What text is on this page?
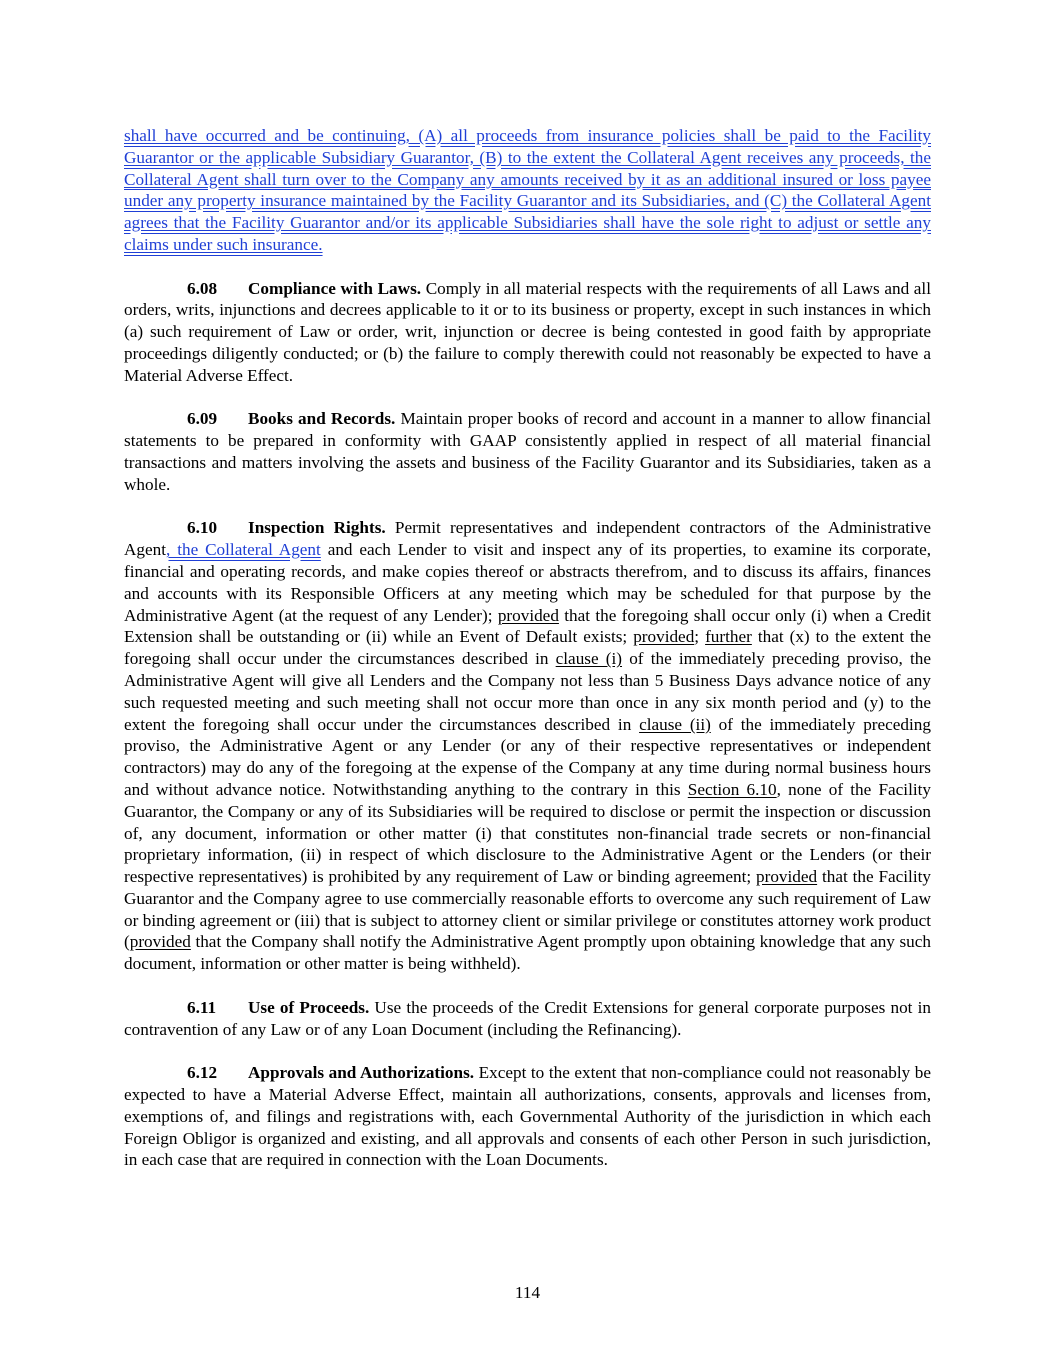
shall have occurred and be continuing, (A) all proceeds from insurance policies shall be paid to the Facility Guarantor or the applicable Subsidiary Guarantor, (B) to the extent the Collateral Agent receives any proceeds, the Collateral Agent shall turn over to the Company any amounts received by it as an additional insured or loss payee under any property insurance maintained by the Facility Guarantor and its Subsidiaries, and (C) the Collateral Agent agrees that the Facility Guarantor and/or its applicable Subsidiaries shall have the sole right to adjust or settle any claims under such insurance.

6.08 Compliance with Laws. Comply in all material respects with the requirements of all Laws and all orders, writs, injunctions and decrees applicable to it or to its business or property, except in such instances in which (a) such requirement of Law or order, writ, injunction or decree is being contested in good faith by appropriate proceedings diligently conducted; or (b) the failure to comply therewith could not reasonably be expected to have a Material Adverse Effect.

6.09 Books and Records. Maintain proper books of record and account in a manner to allow financial statements to be prepared in conformity with GAAP consistently applied in respect of all material financial transactions and matters involving the assets and business of the Facility Guarantor and its Subsidiaries, taken as a whole.

6.10 Inspection Rights. Permit representatives and independent contractors of the Administrative Agent, the Collateral Agent and each Lender to visit and inspect any of its properties, to examine its corporate, financial and operating records, and make copies thereof or abstracts therefrom, and to discuss its affairs, finances and accounts with its Responsible Officers at any meeting which may be scheduled for that purpose by the Administrative Agent (at the request of any Lender); provided that the foregoing shall occur only (i) when a Credit Extension shall be outstanding or (ii) while an Event of Default exists; provided; further that (x) to the extent the foregoing shall occur under the circumstances described in clause (i) of the immediately preceding proviso, the Administrative Agent will give all Lenders and the Company not less than 5 Business Days advance notice of any such requested meeting and such meeting shall not occur more than once in any six month period and (y) to the extent the foregoing shall occur under the circumstances described in clause (ii) of the immediately preceding proviso, the Administrative Agent or any Lender (or any of their respective representatives or independent contractors) may do any of the foregoing at the expense of the Company at any time during normal business hours and without advance notice. Notwithstanding anything to the contrary in this Section 6.10, none of the Facility Guarantor, the Company or any of its Subsidiaries will be required to disclose or permit the inspection or discussion of, any document, information or other matter (i) that constitutes non-financial trade secrets or non-financial proprietary information, (ii) in respect of which disclosure to the Administrative Agent or the Lenders (or their respective representatives) is prohibited by any requirement of Law or binding agreement; provided that the Facility Guarantor and the Company agree to use commercially reasonable efforts to overcome any such requirement of Law or binding agreement or (iii) that is subject to attorney client or similar privilege or constitutes attorney work product (provided that the Company shall notify the Administrative Agent promptly upon obtaining knowledge that any such document, information or other matter is being withheld).

6.11 Use of Proceeds. Use the proceeds of the Credit Extensions for general corporate purposes not in contravention of any Law or of any Loan Document (including the Refinancing).

6.12 Approvals and Authorizations. Except to the extent that non-compliance could not reasonably be expected to have a Material Adverse Effect, maintain all authorizations, consents, approvals and licenses from, exemptions of, and filings and registrations with, each Governmental Authority of the jurisdiction in which each Foreign Obligor is organized and existing, and all approvals and consents of each other Person in such jurisdiction, in each case that are required in connection with the Loan Documents.

114
